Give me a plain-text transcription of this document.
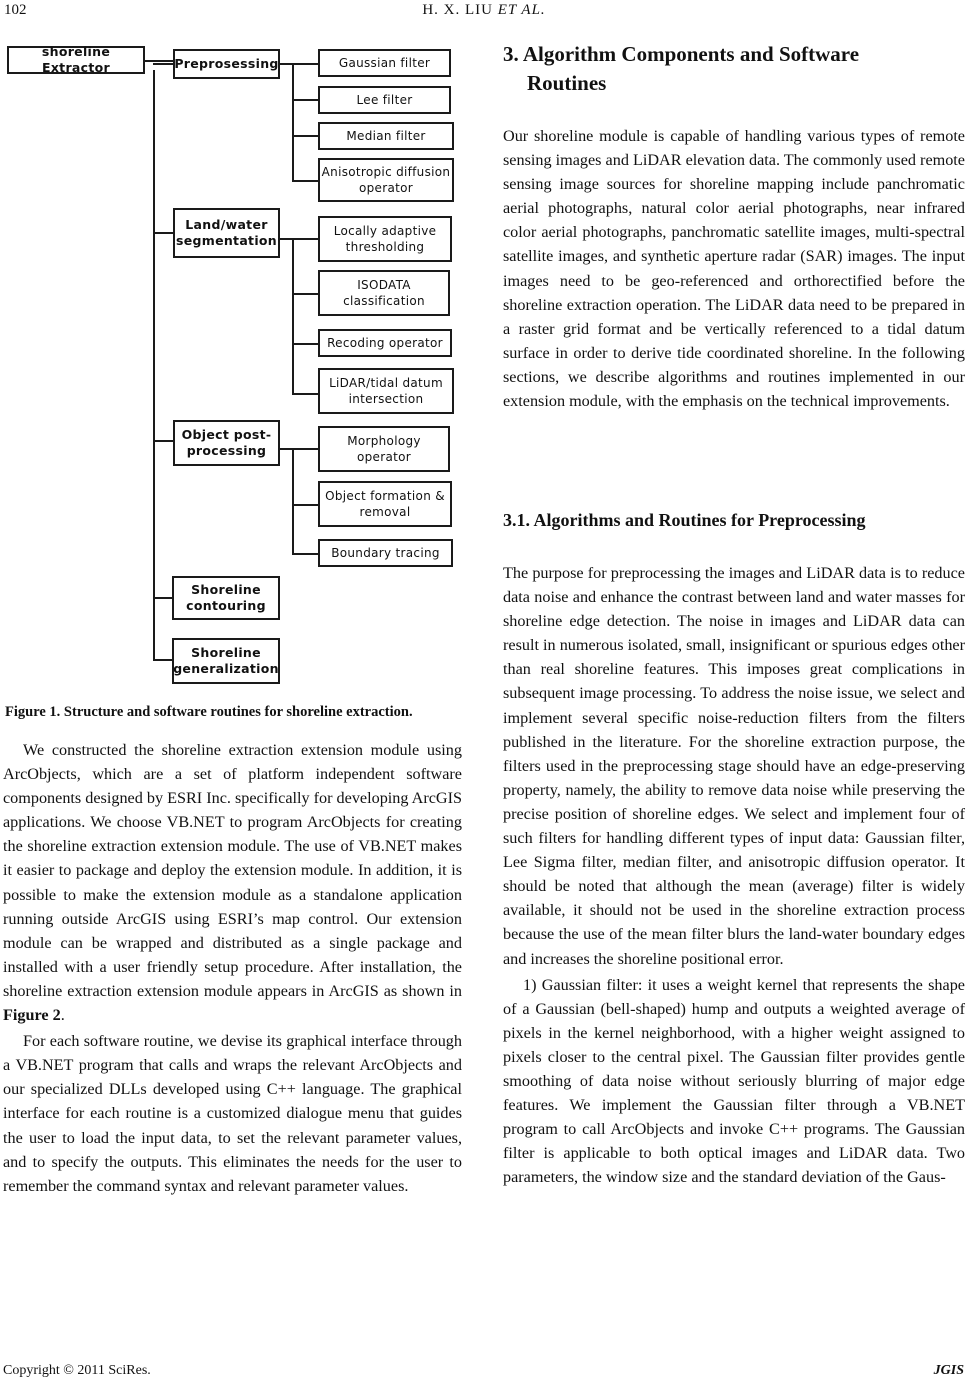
102	H. X. LIU ET AL.
shoreline Extractor	Preprosessing	Gaussian filter
Lee filter
Median filter
Anisotropic diffusion operator
Land/water segmentation
Locally adaptive thresholding
ISODATA classification
Recoding operator
LiDAR/tidal datum intersection
Object post-processing
Morphology operator
Object formation & removal
Boundary tracing
Shoreline contouring
Shoreline generalization
Figure 1. Structure and software routines for shoreline extraction.

We constructed the shoreline extraction extension module using ArcObjects, which are a set of platform independent software components designed by ESRI Inc. specifically for developing ArcGIS applications. We choose VB.NET to program ArcObjects for creating the shoreline extraction extension module. The use of VB.NET makes it easier to package and deploy the extension module. In addition, it is possible to make the extension module as a standalone application running outside ArcGIS using ESRI’s map control. Our extension module can be wrapped and distributed as a single package and installed with a user friendly setup procedure. After installation, the shoreline extraction extension module appears in ArcGIS as shown in Figure 2.

For each software routine, we devise its graphical interface through a VB.NET program that calls and wraps the relevant ArcObjects and our specialized DLLs developed using C++ language. The graphical interface for each routine is a customized dialogue menu that guides the user to load the input data, to set the relevant parameter values, and to specify the outputs. This eliminates the needs for the user to remember the command syntax and relevant parameter values.

3. Algorithm Components and Software
Routines

Our shoreline module is capable of handling various types of remote sensing images and LiDAR elevation data. The commonly used remote sensing image sources for shoreline mapping include panchromatic aerial photographs, natural color aerial photographs, near infrared color aerial photographs, panchromatic satellite images, multi-spectral satellite images, and synthetic aperture radar (SAR) images. The input images need to be geo-referenced and orthorectified before the shoreline extraction operation. The LiDAR data need to be prepared in a raster grid format and be vertically referenced to a tidal datum surface in order to derive tide coordinated shoreline. In the following sections, we describe algorithms and routines implemented in our extension module, with the emphasis on the technical improvements.

3.1. Algorithms and Routines for Preprocessing

The purpose for preprocessing the images and LiDAR data is to reduce data noise and enhance the contrast between land and water masses for shoreline edge detection. The noise in images and LiDAR data can result in numerous isolated, small, insignificant or spurious edges other than real shoreline features. This imposes great complications in subsequent image processing. To address the noise issue, we select and implement several specific noise-reduction filters from the filters published in the literature. For the shoreline extraction purpose, the filters used in the preprocessing stage should have an edge-preserving property, namely, the ability to remove data noise while preserving the precise position of shoreline edges. We select and implement four of such filters for handling different types of input data: Gaussian filter, Lee Sigma filter, median filter, and anisotropic diffusion operator. It should be noted that although the mean (average) filter is widely available, it should not be used in the shoreline extraction process because the use of the mean filter blurs the land-water boundary edges and increases the shoreline positional error.

1) Gaussian filter: it uses a weight kernel that represents the shape of a Gaussian (bell-shaped) hump and outputs a weighted average of pixels in the kernel neighborhood, with a higher weight assigned to pixels closer to the central pixel. The Gaussian filter provides gentle smoothing of data noise without seriously blurring of major edge features. We implement the Gaussian filter through a VB.NET program to call ArcObjects and invoke C++ programs. The Gaussian filter is applicable to both optical images and LiDAR data. Two parameters, the window size and the standard deviation of the Gaus-

Copyright © 2011 SciRes.	JGIS
